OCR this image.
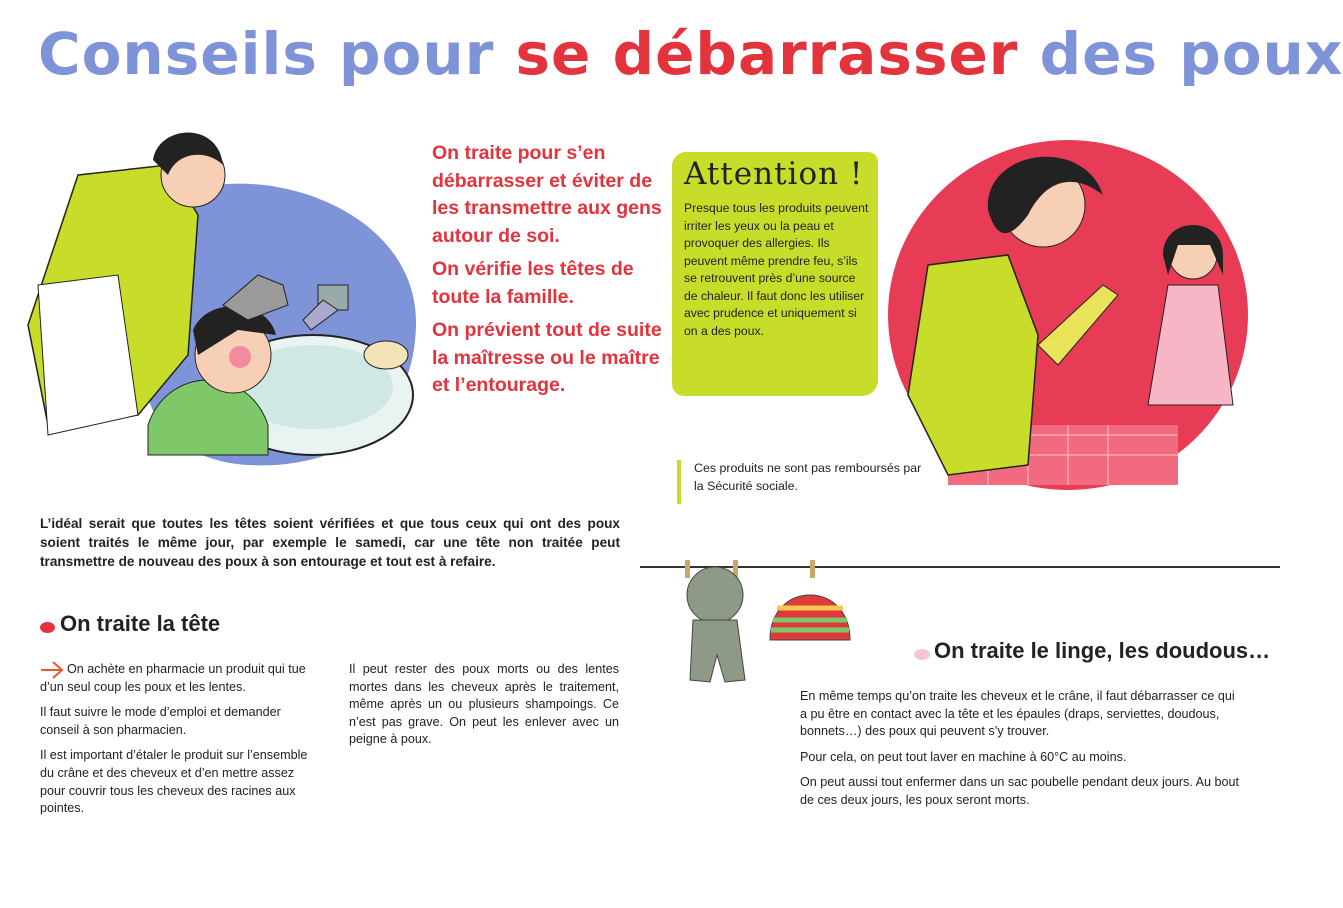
Conseils pour se débarrasser des poux

On traite pour s’en débarrasser et éviter de les transmettre aux gens autour de soi.

On vérifie les têtes de toute la famille.

On prévient tout de suite la maîtresse ou le maître et l’entourage.

Attention !
Presque tous les produits peuvent irriter les yeux ou la peau et provoquer des allergies. Ils peuvent même prendre feu, s’ils se retrouvent près d’une source de chaleur. Il faut donc les utiliser avec prudence et uniquement si on a des poux.
Ces produits ne sont pas remboursés par la Sécurité sociale.
L’idéal serait que toutes les têtes soient vérifiées et que tous ceux qui ont des poux soient traités le même jour, par exemple le samedi, car une tête non traitée peut transmettre de nouveau des poux à son entourage et tout est à refaire.
On traite la tête

On achète en pharmacie un produit qui tue d’un seul coup les poux et les lentes.

Il faut suivre le mode d’emploi et demander conseil à son pharmacien.

Il est important d’étaler le produit sur l’ensemble du crâne et des cheveux et d’en mettre assez pour couvrir tous les cheveux des racines aux pointes.

Il peut rester des poux morts ou des lentes mortes dans les cheveux après le traitement, même après un ou plusieurs shampoings. Ce n’est pas grave. On peut les enlever avec un peigne à poux.

On traite le linge, les doudous…

En même temps qu’on traite les cheveux et le crâne, il faut débarrasser ce qui a pu être en contact avec la tête et les épaules (draps, serviettes, doudous, bonnets…) des poux qui peuvent s’y trouver.

Pour cela, on peut tout laver en machine à 60°C au moins.

On peut aussi tout enfermer dans un sac poubelle pendant deux jours. Au bout de ces deux jours, les poux seront morts.
